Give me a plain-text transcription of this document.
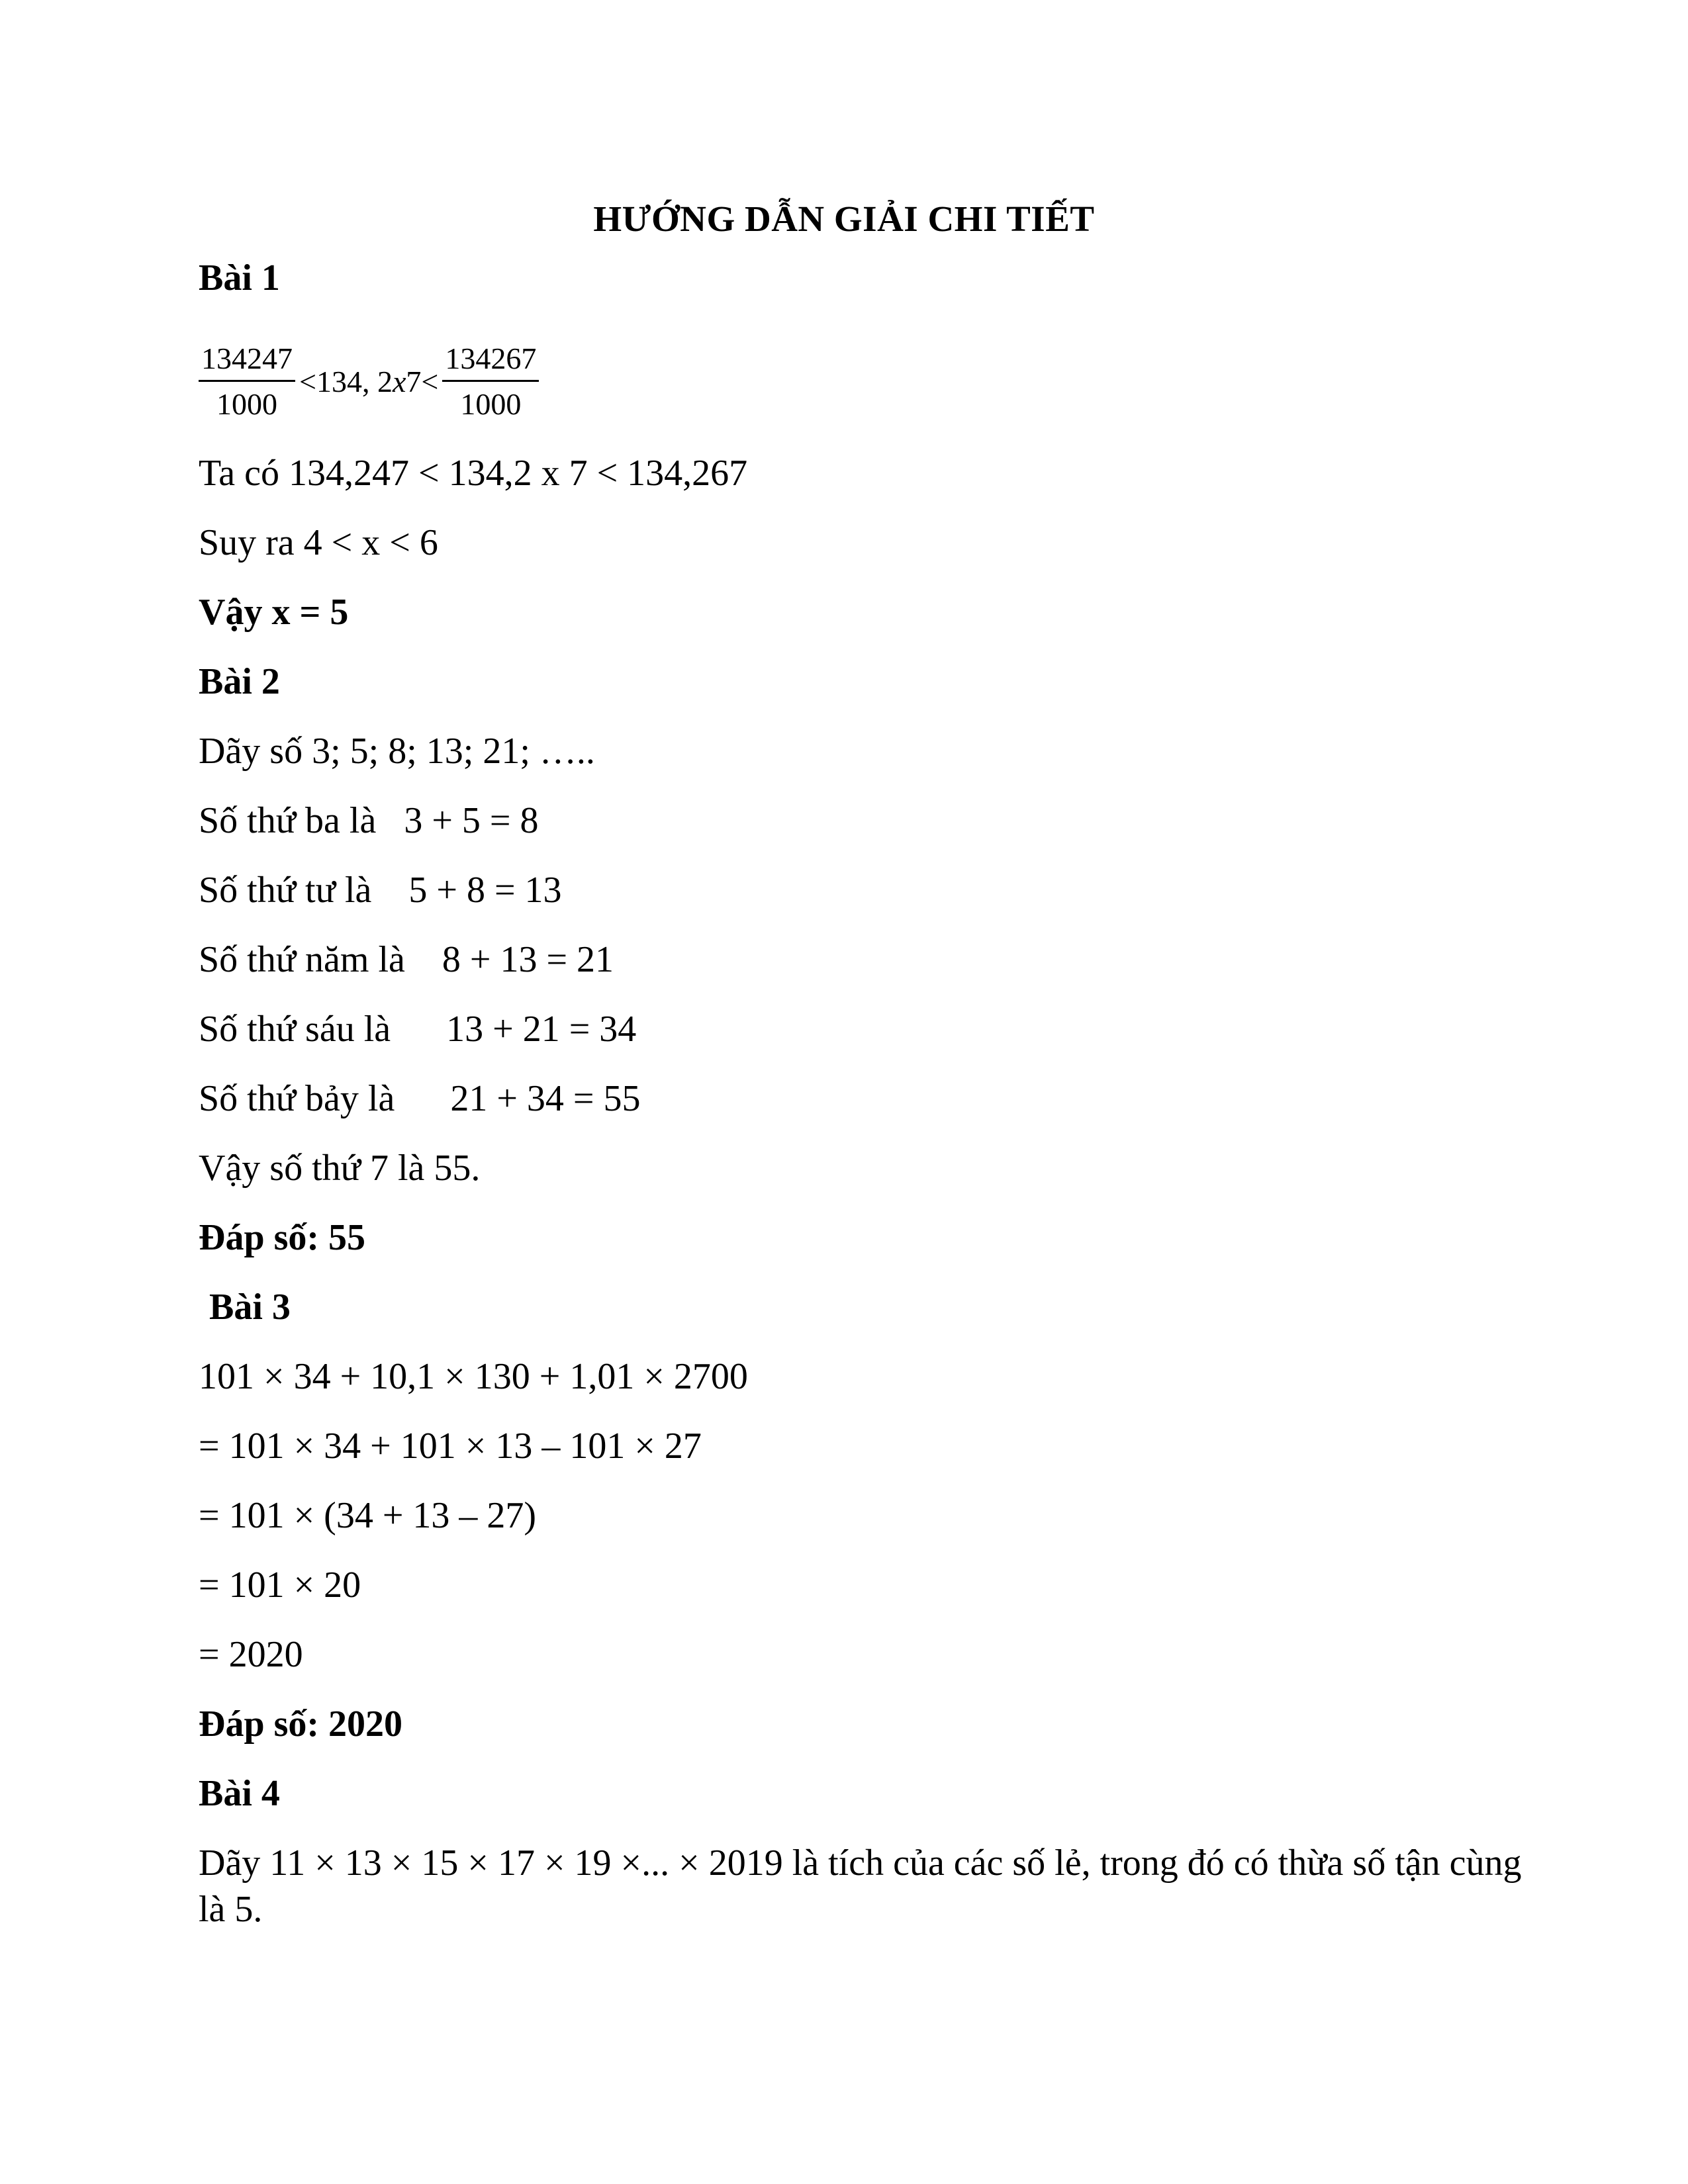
HƯỚNG DẪN GIẢI CHI TIẾT
Bài 1
$\frac{134247}{1000} <134$, $2x7< \frac{134267}{1000}$
Ta có 134,247 < 134,2 x 7 < 134,267
Suy ra 4 < x < 6
Vậy x = 5
Bài 2
Dãy số 3; 5; 8; 13; 21; …..
Số thứ ba là   3 + 5 = 8
Số thứ tư là    5 + 8 = 13
Số thứ năm là    8 + 13 = 21
Số thứ sáu là      13 + 21 = 34
Số thứ bảy là      21 + 34 = 55
Vậy số thứ 7 là 55.
Đáp số: 55
Bài 3
101 × 34 + 10,1 × 130 + 1,01 × 2700
= 101 × 34 + 101 × 13 – 101 × 27
= 101 × (34 + 13 – 27)
= 101 × 20
= 2020
Đáp số: 2020
Bài 4
Dãy 11 × 13 × 15 × 17 × 19 ×... × 2019 là tích của các số lẻ, trong đó có thừa số tận cùng là 5.
